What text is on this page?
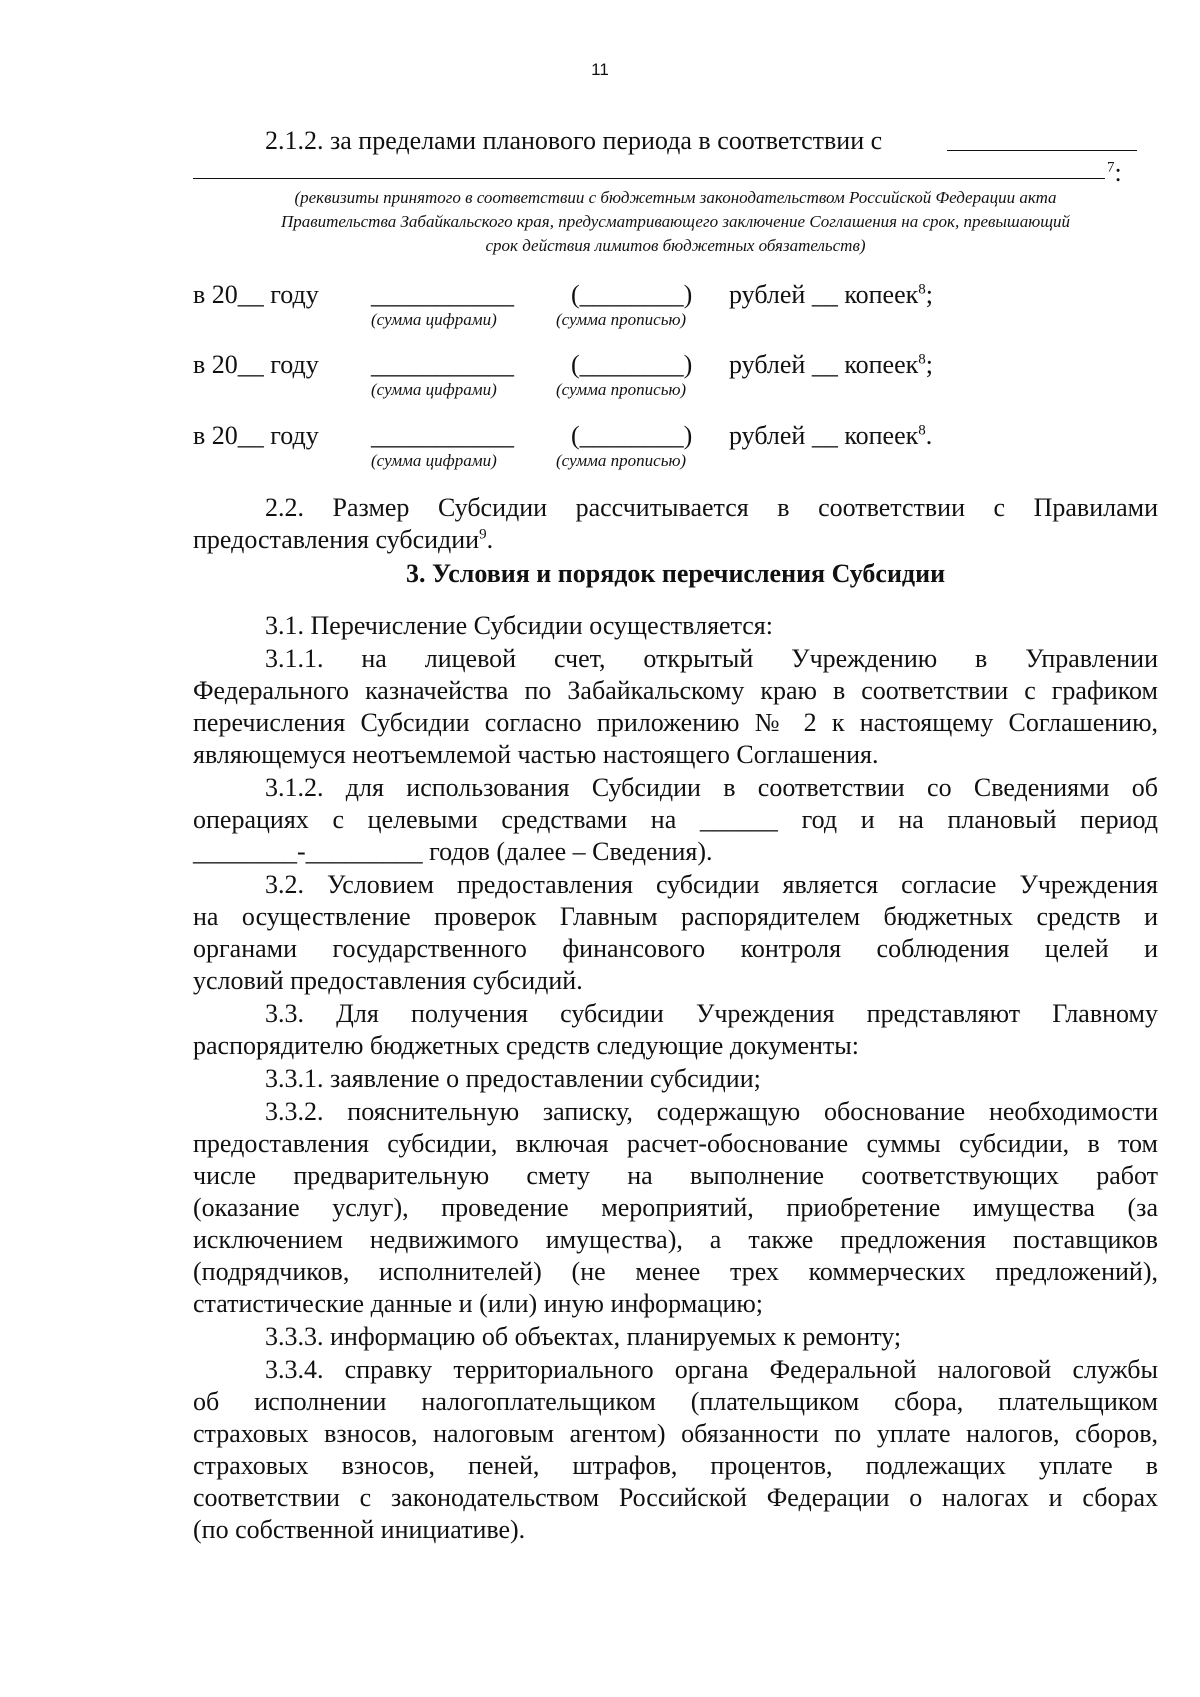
11
2.1.2. за пределами планового периода в соответствии с
$^7$:
(реквизиты принятого в соответствии с бюджетным законодательством Российской Федерации акта
Правительства Забайкальского края, предусматривающего заключение Соглашения на срок, превышающий
срок действия лимитов бюджетных обязательств)
в 20__ году ___________ (________) рублей __ копеек$^8$;
(сумма цифрами)	(сумма прописью)
в 20__ году ___________ (________) рублей __ копеек$^8$;
(сумма цифрами)	(сумма прописью)
в 20__ году ___________ (________) рублей __ копеек$^8$.
(сумма цифрами)	(сумма прописью)
2.2. Размер Субсидии рассчитывается в соответствии с Правилами
предоставления субсидии$^9$.
3. Условия и порядок перечисления Субсидии
3.1. Перечисление Субсидии осуществляется:
3.1.1. на лицевой счет, открытый Учреждению в Управлении
Федерального казначейства по Забайкальскому краю в соответствии с графиком
перечисления Субсидии согласно приложению № 2 к настоящему Соглашению,
являющемуся неотъемлемой частью настоящего Соглашения.
3.1.2. для использования Субсидии в соответствии со Сведениями об
операциях с целевыми средствами на ______ год и на плановый период
________-_________ годов (далее – Сведения).
3.2. Условием предоставления субсидии является согласие Учреждения
на осуществление проверок Главным распорядителем бюджетных средств и
органами государственного финансового контроля соблюдения целей и
условий предоставления субсидий.
3.3. Для получения субсидии Учреждения представляют Главному
распорядителю бюджетных средств следующие документы:
3.3.1. заявление о предоставлении субсидии;
3.3.2. пояснительную записку, содержащую обоснование необходимости
предоставления субсидии, включая расчет-обоснование суммы субсидии, в том
числе предварительную смету на выполнение соответствующих работ
(оказание услуг), проведение мероприятий, приобретение имущества (за
исключением недвижимого имущества), а также предложения поставщиков
(подрядчиков, исполнителей) (не менее трех коммерческих предложений),
статистические данные и (или) иную информацию;
3.3.3. информацию об объектах, планируемых к ремонту;
3.3.4. справку территориального органа Федеральной налоговой службы
об исполнении налогоплательщиком (плательщиком сбора, плательщиком
страховых взносов, налоговым агентом) обязанности по уплате налогов, сборов,
страховых взносов, пеней, штрафов, процентов, подлежащих уплате в
соответствии с законодательством Российской Федерации о налогах и сборах
(по собственной инициативе).
